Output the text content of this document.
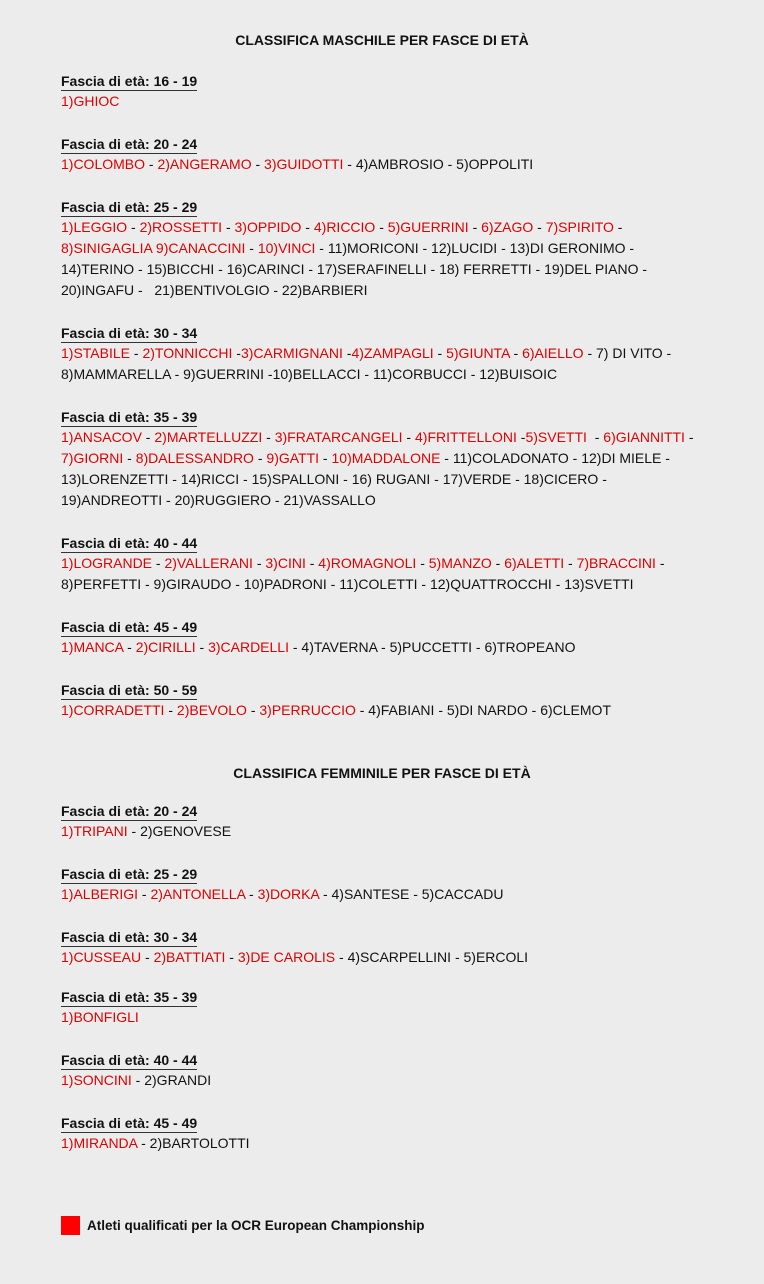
CLASSIFICA MASCHILE PER FASCE DI ETÀ
Fascia di età: 16 - 19
1)GHIOC
Fascia di età: 20 - 24
1)COLOMBO - 2)ANGERAMO - 3)GUIDOTTI - 4)AMBROSIO - 5)OPPOLITI
Fascia di età: 25 - 29
1)LEGGIO - 2)ROSSETTI - 3)OPPIDO - 4)RICCIO - 5)GUERRINI - 6)ZAGO - 7)SPIRITO -
8)SINIGAGLIA 9)CANACCINI - 10)VINCI - 11)MORICONI - 12)LUCIDI - 13)DI GERONIMO -
14)TERINO - 15)BICCHI - 16)CARINCI - 17)SERAFINELLI - 18) FERRETTI - 19)DEL PIANO -
20)INGAFU -   21)BENTIVOLGIO - 22)BARBIERI
Fascia di età: 30 - 34
1)STABILE - 2)TONNICCHI -3)CARMIGNANI -4)ZAMPAGLI - 5)GIUNTA - 6)AIELLO - 7) DI VITO -
8)MAMMARELLA - 9)GUERRINI -10)BELLACCI - 11)CORBUCCI - 12)BUISOIC
Fascia di età: 35 - 39
1)ANSACOV - 2)MARTELLUZZI - 3)FRATARCANGELI - 4)FRITTELLONI -5)SVETTI  - 6)GIANNITTI -
7)GIORNI - 8)DALESSANDRO - 9)GATTI - 10)MADDALONE - 11)COLADONATO - 12)DI MIELE -
13)LORENZETTI - 14)RICCI - 15)SPALLONI - 16) RUGANI - 17)VERDE - 18)CICERO -
19)ANDREOTTI - 20)RUGGIERO - 21)VASSALLO
Fascia di età: 40 - 44
1)LOGRANDE - 2)VALLERANI - 3)CINI - 4)ROMAGNOLI - 5)MANZO - 6)ALETTI - 7)BRACCINI -
8)PERFETTI - 9)GIRAUDO - 10)PADRONI - 11)COLETTI - 12)QUATTROCCHI - 13)SVETTI
Fascia di età: 45 - 49
1)MANCA - 2)CIRILLI - 3)CARDELLI - 4)TAVERNA - 5)PUCCETTI - 6)TROPEANO
Fascia di età: 50 - 59
1)CORRADETTI - 2)BEVOLO - 3)PERRUCCIO - 4)FABIANI - 5)DI NARDO - 6)CLEMOT
CLASSIFICA FEMMINILE PER FASCE DI ETÀ
Fascia di età: 20 - 24
1)TRIPANI - 2)GENOVESE
Fascia di età: 25 - 29
1)ALBERIGI - 2)ANTONELLA - 3)DORKA - 4)SANTESE - 5)CACCADU
Fascia di età: 30 - 34
1)CUSSEAU - 2)BATTIATI - 3)DE CAROLIS - 4)SCARPELLINI - 5)ERCOLI
Fascia di età: 35 - 39
1)BONFIGLI
Fascia di età: 40 - 44
1)SONCINI - 2)GRANDI
Fascia di età: 45 - 49
1)MIRANDA - 2)BARTOLOTTI
Atleti qualificati per la OCR European Championship
